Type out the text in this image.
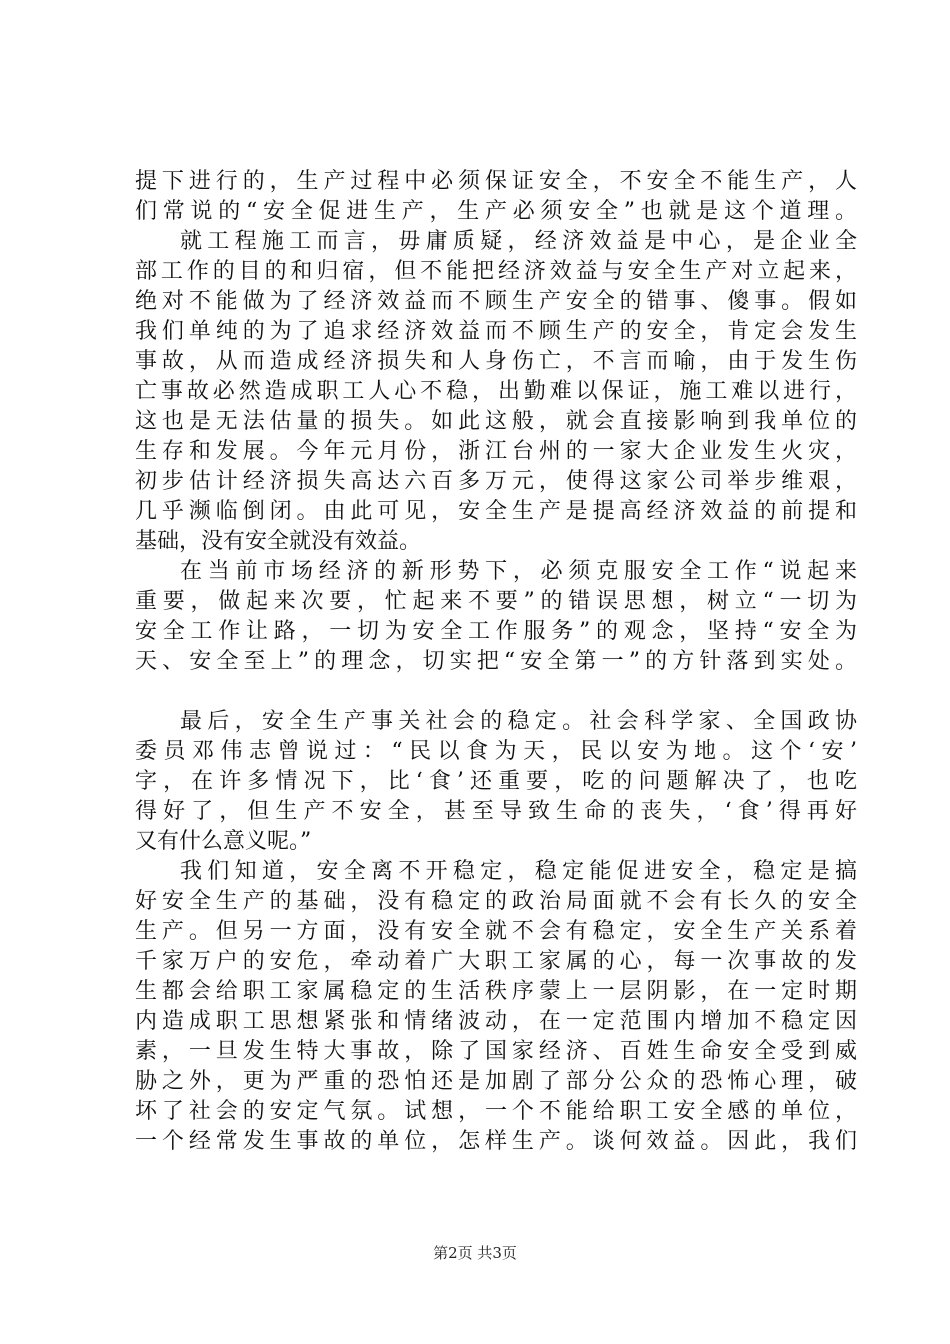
提下进行的，生产过程中必须保证安全，不安全不能生产，人
们常说的“安全促进生产，生产必须安全”也就是这个道理。
就工程施工而言，毋庸质疑，经济效益是中心，是企业全
部工作的目的和归宿，但不能把经济效益与安全生产对立起来，
绝对不能做为了经济效益而不顾生产安全的错事、傻事。假如
我们单纯的为了追求经济效益而不顾生产的安全，肯定会发生
事故，从而造成经济损失和人身伤亡，不言而喻，由于发生伤
亡事故必然造成职工人心不稳，出勤难以保证，施工难以进行，
这也是无法估量的损失。如此这般，就会直接影响到我单位的
生存和发展。今年元月份，浙江台州的一家大企业发生火灾，
初步估计经济损失高达六百多万元，使得这家公司举步维艰，
几乎濒临倒闭。由此可见，安全生产是提高经济效益的前提和
基础，没有安全就没有效益。
在当前市场经济的新形势下，必须克服安全工作“说起来
重要，做起来次要，忙起来不要”的错误思想，树立“一切为
安全工作让路，一切为安全工作服务”的观念，坚持“安全为
天、安全至上”的理念，切实把“安全第一”的方针落到实处。
最后，安全生产事关社会的稳定。社会科学家、全国政协
委员邓伟志曾说过：“民以食为天，民以安为地。这个‘安’
字，在许多情况下，比‘食’还重要，吃的问题解决了，也吃
得好了，但生产不安全，甚至导致生命的丧失，‘食’得再好
又有什么意义呢。”
我们知道，安全离不开稳定，稳定能促进安全，稳定是搞
好安全生产的基础，没有稳定的政治局面就不会有长久的安全
生产。但另一方面，没有安全就不会有稳定，安全生产关系着
千家万户的安危，牵动着广大职工家属的心，每一次事故的发
生都会给职工家属稳定的生活秩序蒙上一层阴影，在一定时期
内造成职工思想紧张和情绪波动，在一定范围内增加不稳定因
素，一旦发生特大事故，除了国家经济、百姓生命安全受到威
胁之外，更为严重的恐怕还是加剧了部分公众的恐怖心理，破
坏了社会的安定气氛。试想，一个不能给职工安全感的单位，
一个经常发生事故的单位，怎样生产。谈何效益。因此，我们
第2页 共3页
